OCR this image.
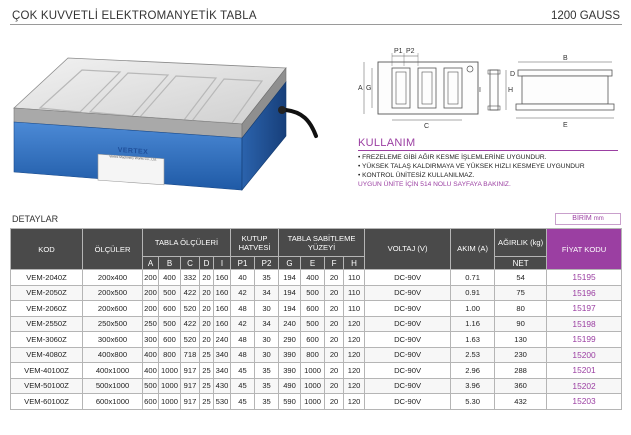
ÇOK KUVVETLİ ELEKTROMANYETİK TABLA	1200 GAUSS
VERTEX
Vertex Machinery Works Co., Ltd.
P1 P2
C
A G	H
I
B
E
D
KULLANIM
• FREZELEME GİBİ AĞIR KESME İŞLEMLERİNE UYGUNDUR.
• YÜKSEK TALAŞ KALDIRMAYA VE YÜKSEK HIZLI KESMEYE UYGUNDUR
• KONTROL ÜNİTESİZ KULLANILMAZ.
UYGUN ÜNİTE İÇİN 514 NOLU SAYFAYA BAKINIZ.
DETAYLAR	BİRİM mm
KOD	ÖLÇÜLER	TABLA ÖLÇÜLERİ					KUTUP HATVESİ		TABLA SABİTLEME YÜZEYİ				VOLTAJ (V)	AKIM (A)	AĞIRLIK (kg)	FİYAT KODU
		A	B	C	D	I	P1	P2	G	E	F	H			NET	
VEM-2040Z	200x400	200	400	332	20	160	40	35	194	400	20	110	DC-90V	0.71	54	15195
VEM-2050Z	200x500	200	500	422	20	160	42	34	194	500	20	110	DC-90V	0.91	75	15196
VEM-2060Z	200x600	200	600	520	20	160	48	30	194	600	20	110	DC-90V	1.00	80	15197
VEM-2550Z	250x500	250	500	422	20	160	42	34	240	500	20	120	DC-90V	1.16	90	15198
VEM-3060Z	300x600	300	600	520	20	240	48	30	290	600	20	120	DC-90V	1.63	130	15199
VEM-4080Z	400x800	400	800	718	25	340	48	30	390	800	20	120	DC-90V	2.53	230	15200
VEM-40100Z	400x1000	400	1000	917	25	340	45	35	390	1000	20	120	DC-90V	2.96	288	15201
VEM-50100Z	500x1000	500	1000	917	25	430	45	35	490	1000	20	120	DC-90V	3.96	360	15202
VEM-60100Z	600x1000	600	1000	917	25	530	45	35	590	1000	20	120	DC-90V	5.30	432	15203
